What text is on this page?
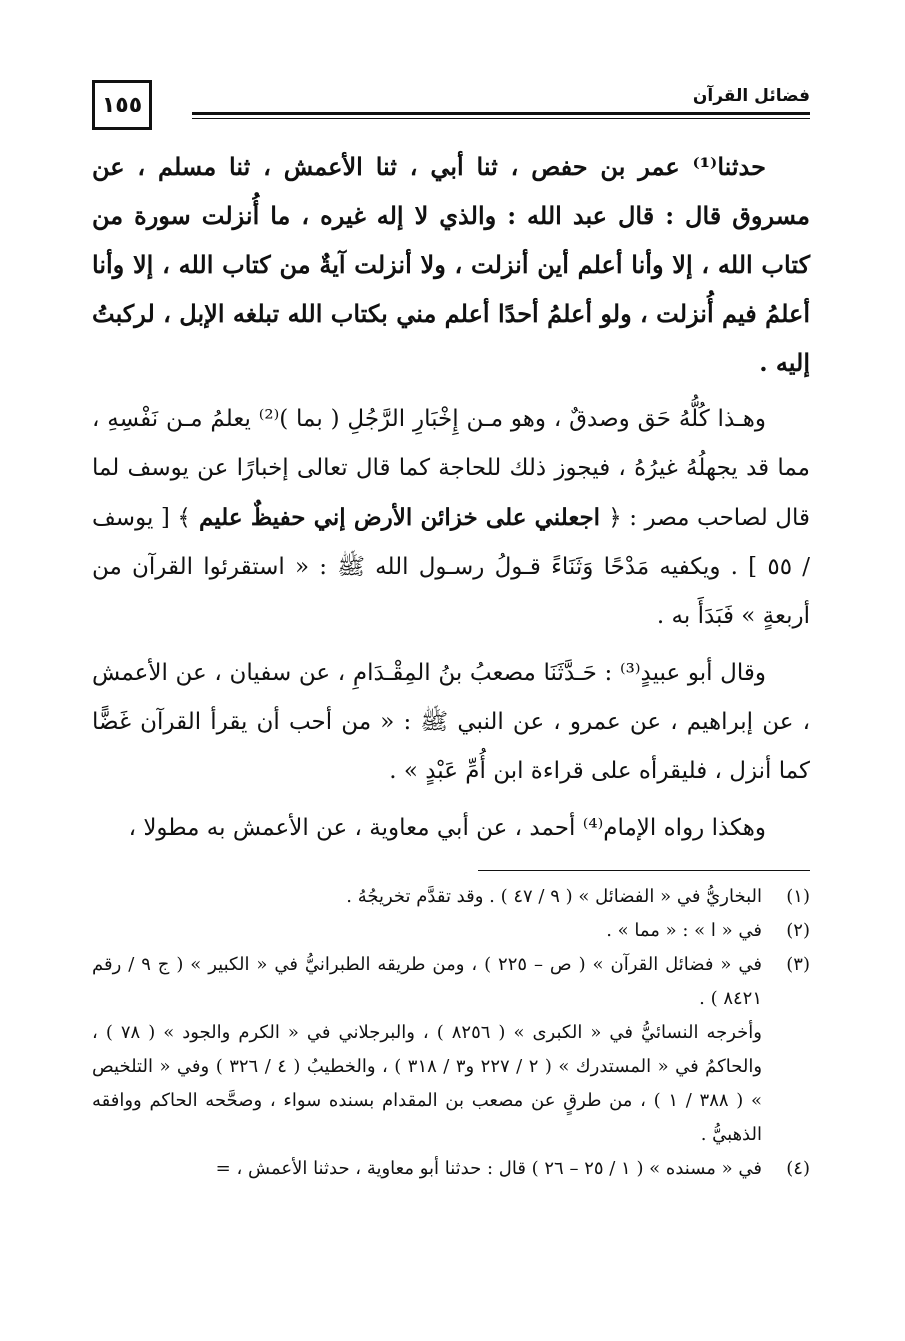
١٥٥	فضائل القرآن

حدثنا⁽¹⁾ عمر بن حفص ، ثنا أبي ، ثنا الأعمش ، ثنا مسلم ، عن مسروق قال : قال عبد الله : والذي لا إله غيره ، ما أُنزلت سورة من كتاب الله ، إلا وأنا أعلم أين أنزلت ، ولا أنزلت آيةٌ من كتاب الله ، إلا وأنا أعلمُ فيم أُنزلت ، ولو أعلمُ أحدًا أعلم مني بكتاب الله تبلغه الإبل ، لركبتُ إليه .

وهـذا كُلُّهُ حَق وصدقٌ ، وهو مـن إِخْبَارِ الرَّجُلِ ( بما )⁽²⁾ يعلمُ مـن نَفْسِهِ ، مما قد يجهلُهُ غيرُهُ ، فيجوز ذلك للحاجة كما قال تعالى إخبارًا عن يوسف لما قال لصاحب مصر : ﴿ اجعلني على خزائن الأرض إني حفيظٌ عليم ﴾ [ يوسف / ٥٥ ] . ويكفيه مَدْحًا وَثَنَاءً قـولُ رسـول الله ﷺ : « استقرئوا القرآن من أربعةٍ » فَبَدَأَ به .

وقال أبو عبيدٍ⁽³⁾ : حَـدَّثَنَا مصعبُ بنُ المِقْـدَامِ ، عن سفيان ، عن الأعمش ، عن إبراهيم ، عن عمرو ، عن النبي ﷺ : « من أحب أن يقرأ القرآن غَضًّا كما أنزل ، فليقرأه على قراءة ابن أُمِّ عَبْدٍ » .

وهكذا رواه الإمام⁽⁴⁾ أحمد ، عن أبي معاوية ، عن الأعمش به مطولا ،

(١)
البخاريُّ في « الفضائل » ( ٩ / ٤٧ ) . وقد تقدَّم تخريجُهُ .
(٢)
في « ا » : « مما » .
(٣)
في « فضائل القرآن » ( ص – ٢٢٥ ) ، ومن طريقه الطبرانيُّ في « الكبير » ( ج ٩ / رقم ٨٤٢١ ) .
وأخرجه النسائيُّ في « الكبرى » ( ٨٢٥٦ ) ، والبرجلاني في « الكرم والجود » ( ٧٨ ) ، والحاكمُ في « المستدرك » ( ٢ / ٢٢٧ و٣ / ٣١٨ ) ، والخطيبُ ( ٤ / ٣٢٦ ) وفي « التلخيص » ( ٣٨٨ / ١ ) ، من طرقٍ عن مصعب بن المقدام بسنده سواء ، وصحَّحه الحاكم ووافقه الذهبيُّ .
(٤)
في « مسنده » ( ١ / ٢٥ – ٢٦ ) قال : حدثنا أبو معاوية ، حدثنا الأعمش ، =
